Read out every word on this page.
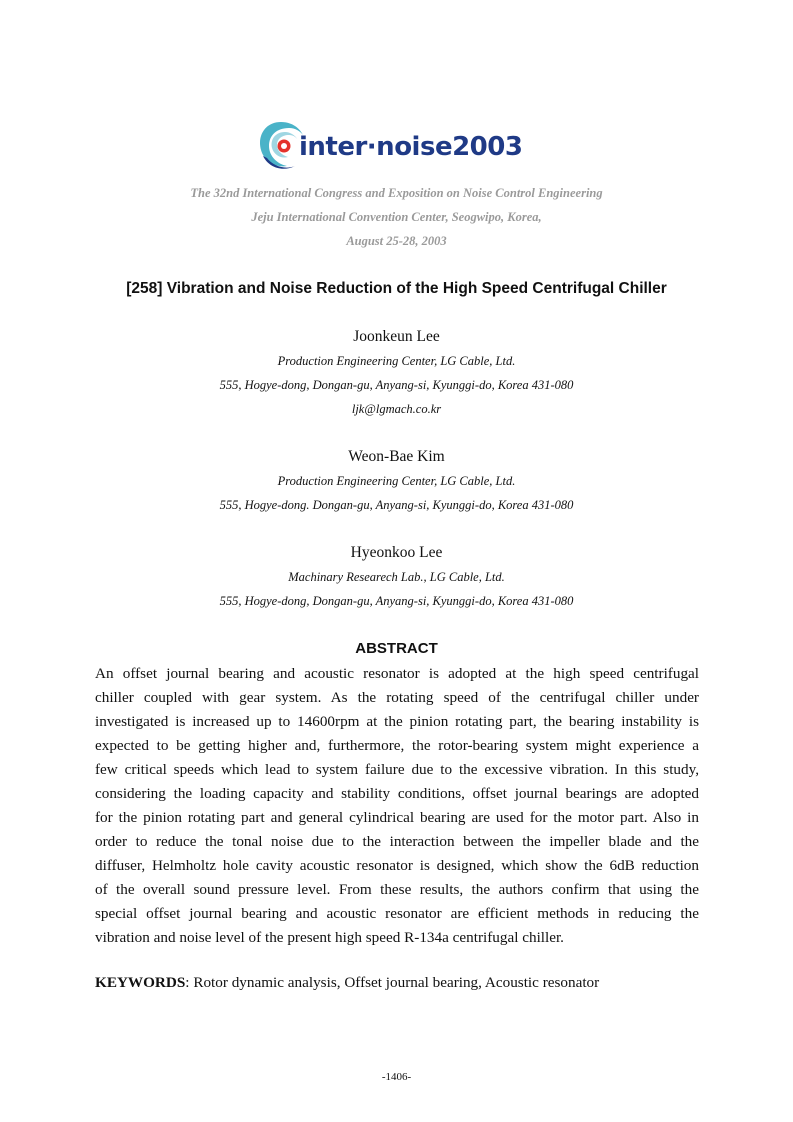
inter·noise2003
The 32nd International Congress and Exposition on Noise Control Engineering
Jeju International Convention Center, Seogwipo, Korea,
August 25-28, 2003
[258] Vibration and Noise Reduction of the High Speed Centrifugal Chiller
Joonkeun Lee
Production Engineering Center, LG Cable, Ltd.
555, Hogye-dong, Dongan-gu, Anyang-si, Kyunggi-do, Korea 431-080
ljk@lgmach.co.kr
Weon-Bae Kim
Production Engineering Center, LG Cable, Ltd.
555, Hogye-dong. Dongan-gu, Anyang-si, Kyunggi-do, Korea 431-080
Hyeonkoo Lee
Machinary Researech Lab., LG Cable, Ltd.
555, Hogye-dong, Dongan-gu, Anyang-si, Kyunggi-do, Korea 431-080
ABSTRACT
An offset journal bearing and acoustic resonator is adopted at the high speed centrifugal
chiller coupled with gear system. As the rotating speed of the centrifugal chiller under
investigated is increased up to 14600rpm at the pinion rotating part, the bearing instability is
expected to be getting higher and, furthermore, the rotor-bearing system might experience a
few critical speeds which lead to system failure due to the excessive vibration. In this study,
considering the loading capacity and stability conditions, offset journal bearings are adopted
for the pinion rotating part and general cylindrical bearing are used for the motor part. Also in
order to reduce the tonal noise due to the interaction between the impeller blade and the
diffuser, Helmholtz hole cavity acoustic resonator is designed, which show the 6dB reduction
of the overall sound pressure level. From these results, the authors confirm that using the
special offset journal bearing and acoustic resonator are efficient methods in reducing the
vibration and noise level of the present high speed R-134a centrifugal chiller.
KEYWORDS: Rotor dynamic analysis, Offset journal bearing, Acoustic resonator
-1406-
